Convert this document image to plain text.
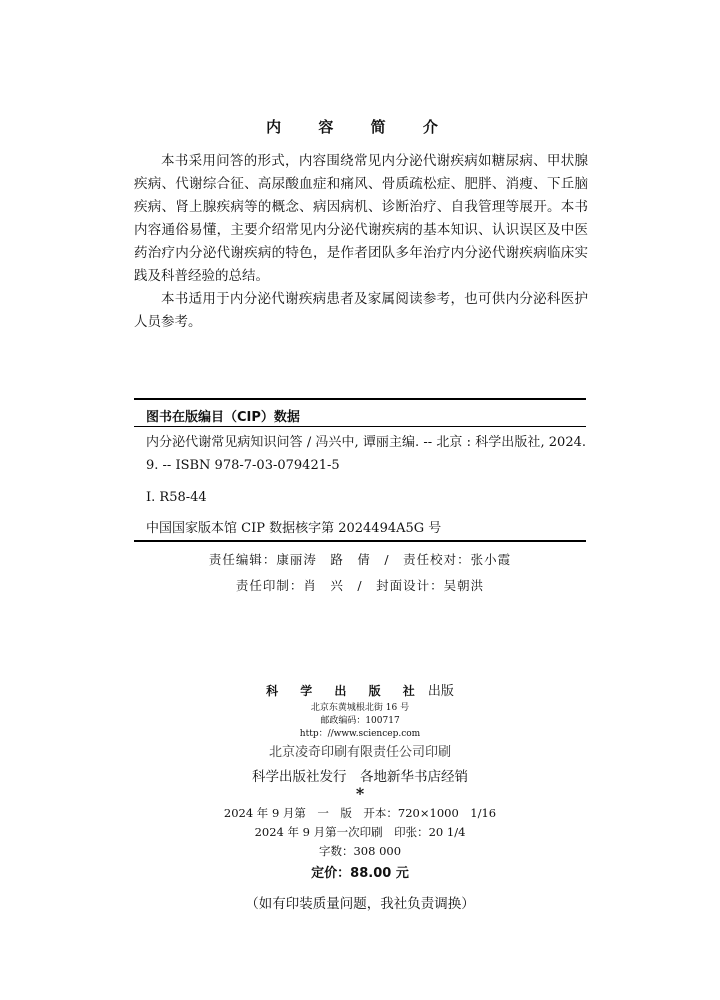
内 容 简 介

本书采用问答的形式，内容围绕常见内分泌代谢疾病如糖尿病、甲状腺疾病、代谢综合征、高尿酸血症和痛风、骨质疏松症、肥胖、消瘦、下丘脑疾病、肾上腺疾病等的概念、病因病机、诊断治疗、自我管理等展开。本书内容通俗易懂，主要介绍常见内分泌代谢疾病的基本知识、认识误区及中医药治疗内分泌代谢疾病的特色，是作者团队多年治疗内分泌代谢疾病临床实践及科普经验的总结。

本书适用于内分泌代谢疾病患者及家属阅读参考，也可供内分泌科医护人员参考。

图书在版编目（CIP）数据
内分泌代谢常见病知识问答 / 冯兴中, 谭丽主编. -- 北京 : 科学出版社, 2024. 9. -- ISBN 978-7-03-079421-5
Ⅰ. R58-44
中国国家版本馆 CIP 数据核字第 2024494A5G 号
责任编辑：康丽涛　路　倩　/　责任校对：张小霞
责任印制：肖　兴　/　封面设计：吴朝洪
科 学 出 版 社 出版
北京东黄城根北街 16 号
邮政编码：100717
http：//www.sciencep.com
北京凌奇印刷有限责任公司印刷
科学出版社发行　各地新华书店经销
*
2024 年 9 月第　一　版　开本：720×1000　1/16
2024 年 9 月第一次印刷　印张：20 1/4
字数：308 000
定价：88.00 元
（如有印装质量问题，我社负责调换）
